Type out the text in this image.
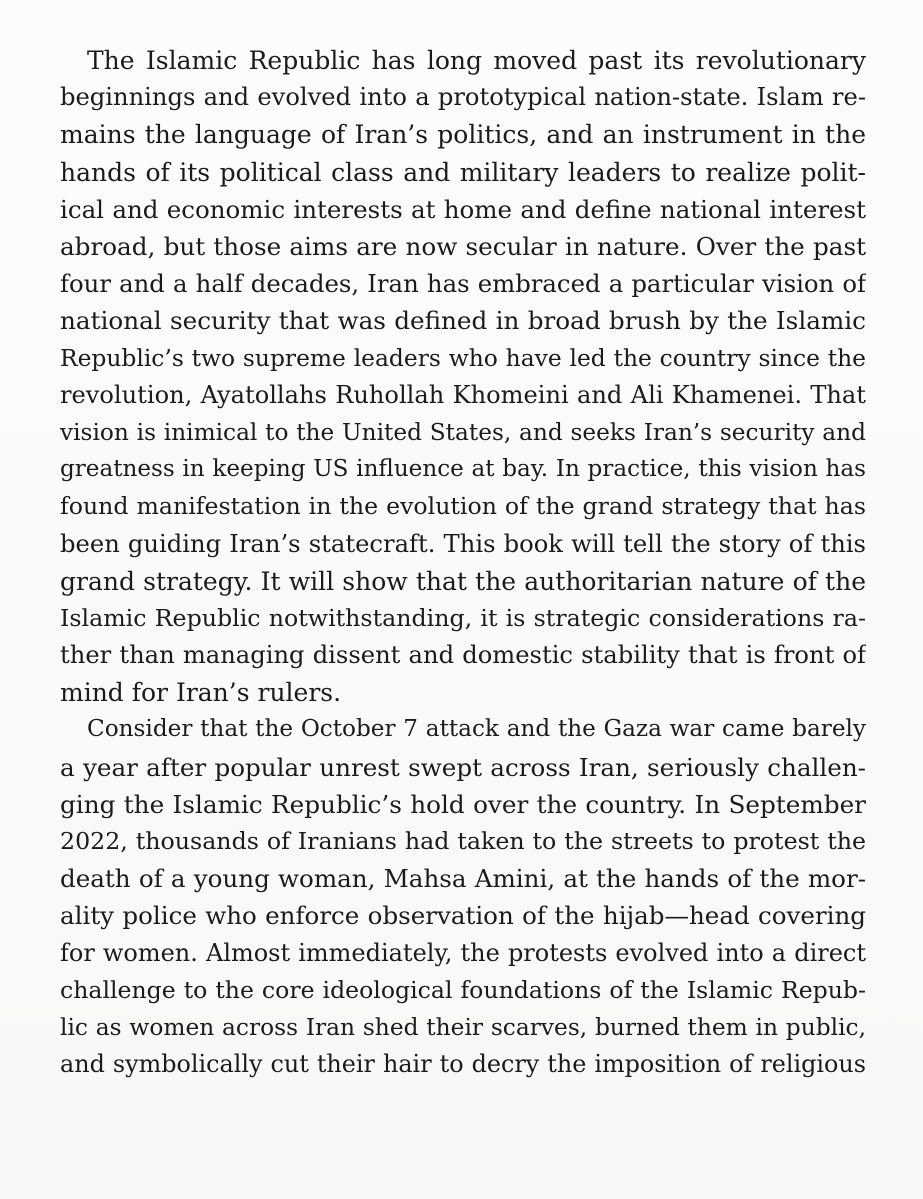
The Islamic Republic has long moved past its revolutionary
beginnings and evolved into a prototypical nation-state. Islam re-
mains the language of Iran’s politics, and an instrument in the
hands of its political class and military leaders to realize polit-
ical and economic interests at home and define national interest
abroad, but those aims are now secular in nature. Over the past
four and a half decades, Iran has embraced a particular vision of
national security that was defined in broad brush by the Islamic
Republic’s two supreme leaders who have led the country since the
revolution, Ayatollahs Ruhollah Khomeini and Ali Khamenei. That
vision is inimical to the United States, and seeks Iran’s security and
greatness in keeping US influence at bay. In practice, this vision has
found manifestation in the evolution of the grand strategy that has
been guiding Iran’s statecraft. This book will tell the story of this
grand strategy. It will show that the authoritarian nature of the
Islamic Republic notwithstanding, it is strategic considerations ra-
ther than managing dissent and domestic stability that is front of
mind for Iran’s rulers.
Consider that the October 7 attack and the Gaza war came barely
a year after popular unrest swept across Iran, seriously challen-
ging the Islamic Republic’s hold over the country. In September
2022, thousands of Iranians had taken to the streets to protest the
death of a young woman, Mahsa Amini, at the hands of the mor-
ality police who enforce observation of the hijab—head covering
for women. Almost immediately, the protests evolved into a direct
challenge to the core ideological foundations of the Islamic Repub-
lic as women across Iran shed their scarves, burned them in public,
and symbolically cut their hair to decry the imposition of religious
